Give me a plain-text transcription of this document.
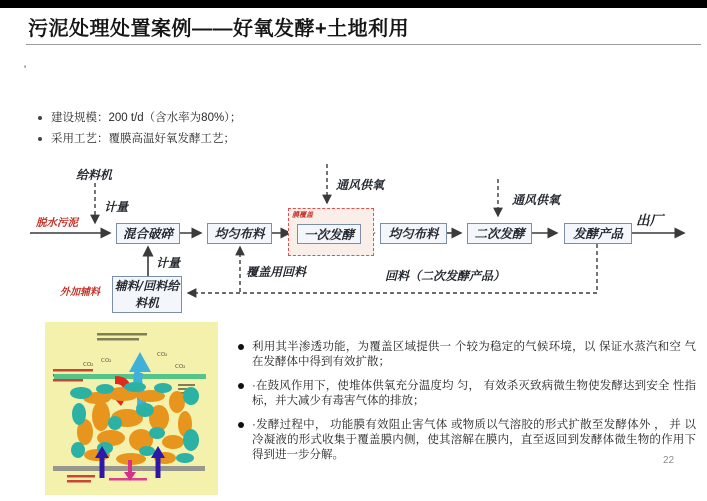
污泥处理处置案例——好氧发酵+土地利用
'
建设规模：200 t/d（含水率为80%）；
采用工艺：覆膜高温好氧发酵工艺；
膜覆盖
混合破碎	均匀布料	一次发酵	均匀布料	二次发酵	发酵产品
辅料/回料给料机
给料机
计量
脱水污泥
外加辅料
计量
覆盖用回料	回料（二次发酵产品）
通风供氧
通风供氧
出厂
CO₂
CO₂
CO₂
CO₂
利用其半渗透功能，为覆盖区域提供一 个较为稳定的气候环境，以 保证水蒸汽和空 气在发酵体中得到有效扩散；
·在鼓风作用下，使堆体供氧充分温度均 匀， 有效杀灭致病微生物使发酵达到安全 性指标，并大减少有毒害气体的排放；
·发酵过程中， 功能膜有效阻止害气体 或物质以气溶胶的形式扩散至发酵体外 ， 并 以冷凝液的形式收集于覆盖膜内侧，使其溶解在膜内，直至返回到发酵体微生物的作用下得到进一步分解。	22
